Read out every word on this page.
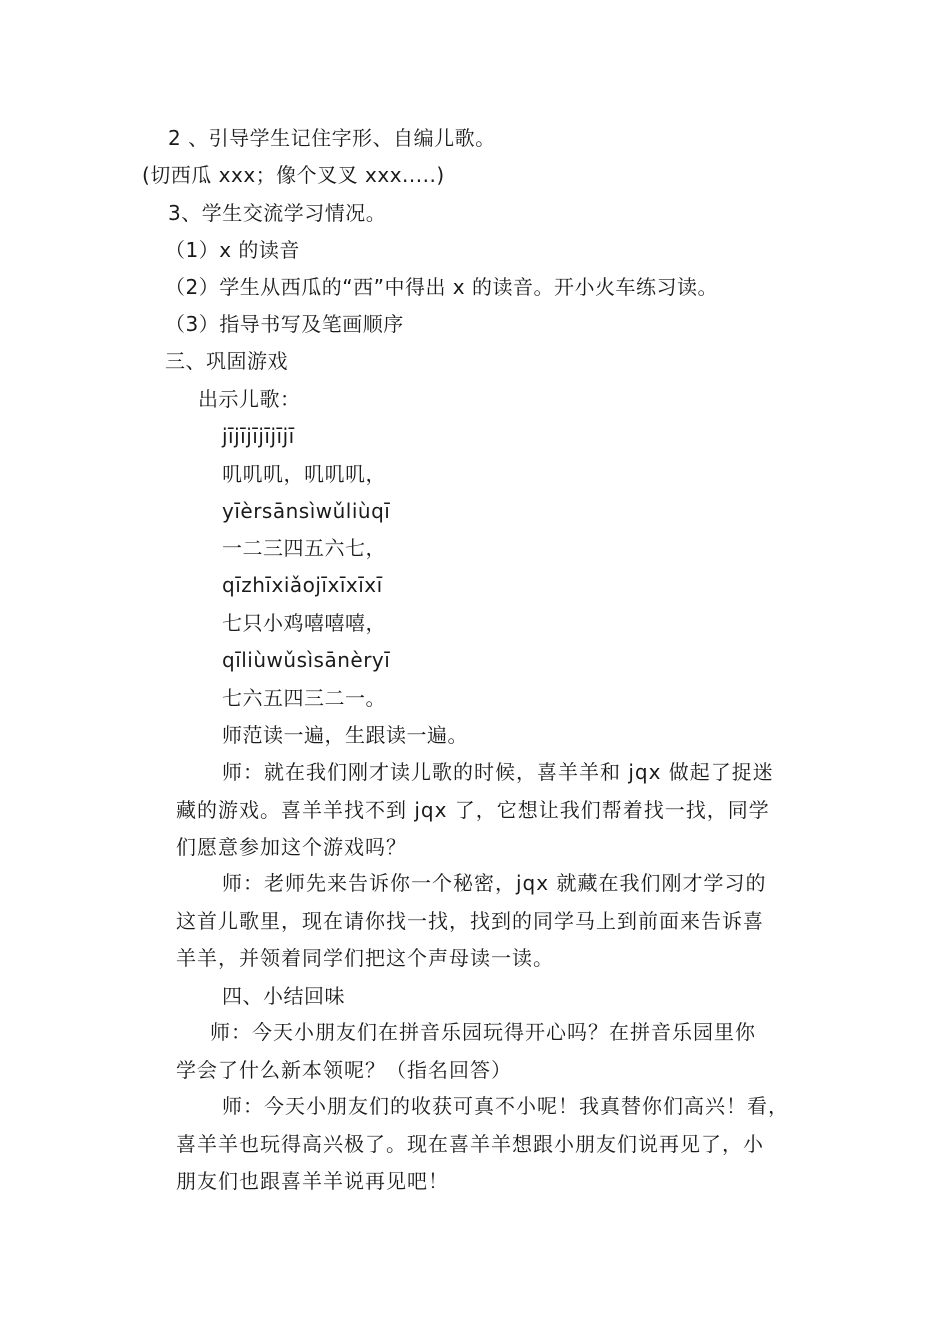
2 、引导学生记住字形、自编儿歌。

(切西瓜 xxx；像个叉叉 xxx.....)

3、学生交流学习情况。

（1）x 的读音

（2）学生从西瓜的“西”中得出 x 的读音。开小火车练习读。

（3）指导书写及笔画顺序

三、巩固游戏

出示儿歌：

jījījījījījī

叽叽叽，叽叽叽，

yīèrsānsìwǔliùqī

一二三四五六七，

qīzhīxiǎojīxīxīxī

七只小鸡嘻嘻嘻，

qīliùwǔsìsānèryī

七六五四三二一。

师范读一遍，生跟读一遍。

师：就在我们刚才读儿歌的时候，喜羊羊和 jqx 做起了捉迷
藏的游戏。喜羊羊找不到 jqx 了，它想让我们帮着找一找，同学
们愿意参加这个游戏吗？
师：老师先来告诉你一个秘密，jqx 就藏在我们刚才学习的
这首儿歌里，现在请你找一找，找到的同学马上到前面来告诉喜
羊羊，并领着同学们把这个声母读一读。

四、小结回味

师：今天小朋友们在拼音乐园玩得开心吗？在拼音乐园里你
学会了什么新本领呢？（指名回答）
师：今天小朋友们的收获可真不小呢！我真替你们高兴！看，
喜羊羊也玩得高兴极了。现在喜羊羊想跟小朋友们说再见了，小
朋友们也跟喜羊羊说再见吧！
